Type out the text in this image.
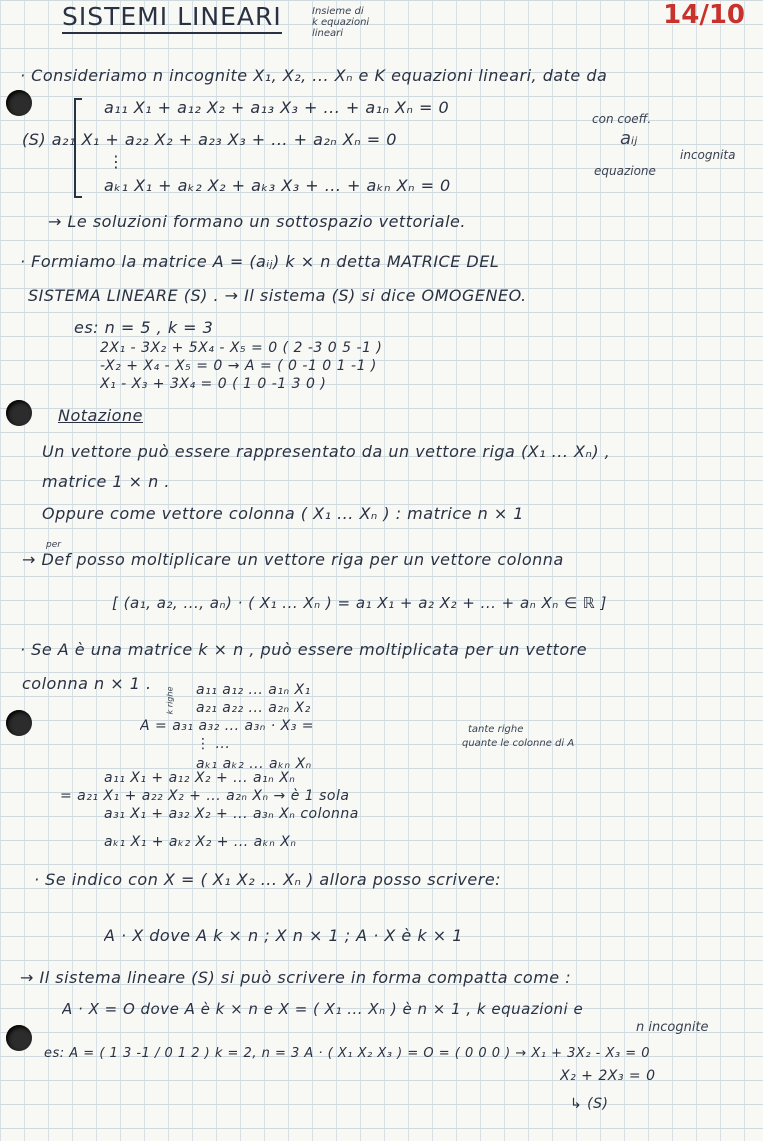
SISTEMI LINEARI	Insieme di
k equazioni
lineari
14/10
· Consideriamo n incognite X₁, X₂, ... Xₙ e K equazioni lineari, date da
a₁₁ X₁ + a₁₂ X₂ + a₁₃ X₃ + ... + a₁ₙ Xₙ = 0
(S) a₂₁ X₁ + a₂₂ X₂ + a₂₃ X₃ + ... + a₂ₙ Xₙ = 0
⋮
aₖ₁ X₁ + aₖ₂ X₂ + aₖ₃ X₃ + ... + aₖₙ Xₙ = 0
con coeff.
aᵢⱼ
incognita
equazione
→ Le soluzioni formano un sottospazio vettoriale.
· Formiamo la matrice A = (aᵢⱼ) k × n detta MATRICE DEL
SISTEMA LINEARE (S) . → Il sistema (S) si dice OMOGENEO.
es: n = 5 , k = 3
2X₁ - 3X₂ + 5X₄ - X₅ = 0 ( 2 -3 0 5 -1 )
-X₂ + X₄ - X₅ = 0 → A = ( 0 -1 0 1 -1 )
X₁ - X₃ + 3X₄ = 0 ( 1 0 -1 3 0 )
Notazione
Un vettore può essere rappresentato da un vettore riga (X₁ ... Xₙ) ,
matrice 1 × n .
Oppure come vettore colonna ( X₁ ... Xₙ ) : matrice n × 1
per
→ Def posso moltiplicare un vettore riga per un vettore colonna
[ (a₁, a₂, ..., aₙ) · ( X₁ ... Xₙ ) = a₁ X₁ + a₂ X₂ + ... + aₙ Xₙ ∈ ℝ ]
· Se A è una matrice k × n , può essere moltiplicata per un vettore
colonna n × 1 .
k righe a₁₁ a₁₂ ... a₁ₙ X₁
a₂₁ a₂₂ ... a₂ₙ X₂
A = a₃₁ a₃₂ ... a₃ₙ · X₃ =
⋮ ...
aₖ₁ aₖ₂ ... aₖₙ Xₙ
tante righe
quante le colonne di A
a₁₁ X₁ + a₁₂ X₂ + ... a₁ₙ Xₙ
= a₂₁ X₁ + a₂₂ X₂ + ... a₂ₙ Xₙ → è 1 sola
a₃₁ X₁ + a₃₂ X₂ + ... a₃ₙ Xₙ colonna
aₖ₁ X₁ + aₖ₂ X₂ + ... aₖₙ Xₙ
· Se indico con X = ( X₁ X₂ ... Xₙ ) allora posso scrivere:
A · X dove A k × n ; X n × 1 ; A · X è k × 1
→ Il sistema lineare (S) si può scrivere in forma compatta come :
A · X = O dove A è k × n e X = ( X₁ ... Xₙ ) è n × 1 , k equazioni e
n incognite
es: A = ( 1 3 -1 / 0 1 2 ) k = 2, n = 3 A · ( X₁ X₂ X₃ ) = O = ( 0 0 0 ) → X₁ + 3X₂ - X₃ = 0
X₂ + 2X₃ = 0
↳ (S)
